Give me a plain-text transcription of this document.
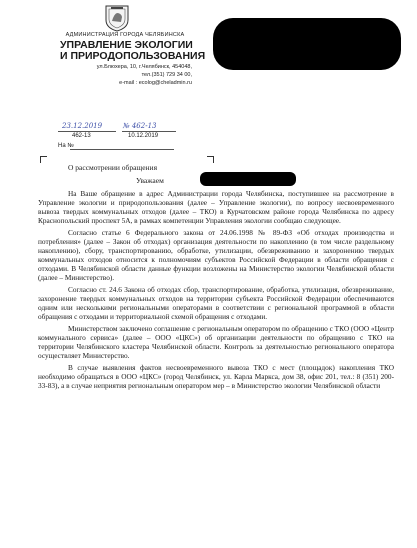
АДМИНИСТРАЦИЯ ГОРОДА ЧЕЛЯБИНСКА
УПРАВЛЕНИЕ ЭКОЛОГИИ
И ПРИРОДОПОЛЬЗОВАНИЯ
ул.Блюхера, 10, г.Челябинск, 454048,
тел.(351) 729 34 00,
e-mail : ecolog@cheladmin.ru
23.12.2019	№ 462-13
462-13	10.12.2019
На №
О рассмотрении обращения
Уважаем

На Ваше обращение в адрес Администрации города Челябинска, поступившее на рассмотрение в Управление экологии и природопользования (далее – Управление экологии), по вопросу несвоевременного вывоза твердых коммунальных отходов (далее – ТКО) в Курчатовском районе города Челябинска по адресу Краснопольский проспект 5А, в рамках компетенции Управления экологии сообщаю следующее.

Согласно статье 6 Федерального закона от 24.06.1998 № 89-ФЗ «Об отходах производства и потребления» (далее – Закон об отходах) организация деятельности по накоплению (в том числе раздельному накоплению), сбору, транспортированию, обработке, утилизации, обезвреживанию и захоронению твердых коммунальных отходов относится к полномочиям субъектов Российской Федерации в области обращения с отходами. В Челябинской области данные функции возложены на Министерство экологии Челябинской области (далее – Министерство).

Согласно ст. 24.6 Закона об отходах сбор, транспортирование, обработка, утилизация, обезвреживание, захоронение твердых коммунальных отходов на территории субъекта Российской Федерации обеспечиваются одним или несколькими региональными операторами в соответствии с региональной программой в области обращения с отходами и территориальной схемой обращения с отходами.

Министерством заключено соглашение с региональным оператором по обращению с ТКО (ООО «Центр коммунального сервиса» (далее – ООО «ЦКС») об организации деятельности по обращению с ТКО на территории Челябинского кластера Челябинской области. Контроль за деятельностью регионального оператора осуществляет Министерство.

В случае выявления фактов несвоевременного вывоза ТКО с мест (площадок) накопления ТКО необходимо обращаться в ООО «ЦКС» (город Челябинск, ул. Карла Маркса, дом 38, офис 201, тел.: 8 (351) 200-33-83), а в случае неприятия региональным оператором мер – в Министерство экологии Челябинской области
